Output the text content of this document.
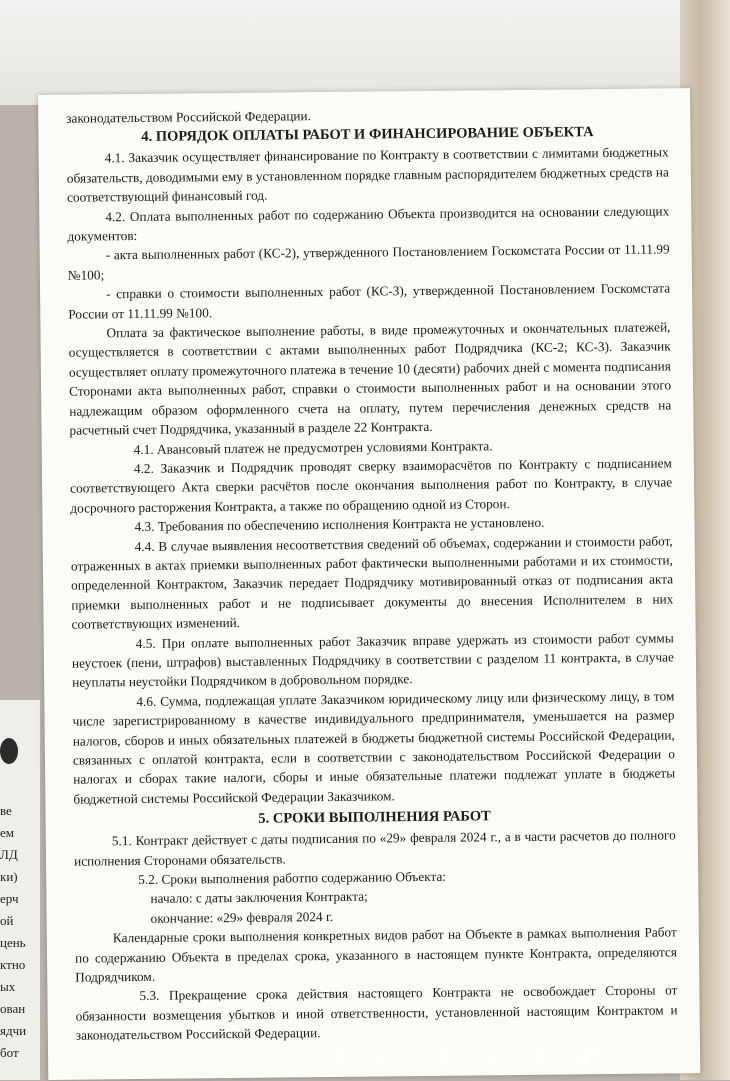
ве
ем
ЛД
ки)
ерч
ой
цень
ктно
ых
ован
ядчи
бот

законодательством Российской Федерации.

4. ПОРЯДОК ОПЛАТЫ РАБОТ И ФИНАНСИРОВАНИЕ ОБЪЕКТА

4.1. Заказчик осуществляет финансирование по Контракту в соответствии с лимитами бюджетных обязательств, доводимыми ему в установленном порядке главным распорядителем бюджетных средств на соответствующий финансовый год.

4.2. Оплата выполненных работ по содержанию Объекта производится на основании следующих документов:

- акта выполненных работ (КС-2), утвержденного Постановлением Госкомстата России от 11.11.99 №100;

- справки о стоимости выполненных работ (КС-3), утвержденной Постановлением Госкомстата России от 11.11.99 №100.

Оплата за фактическое выполнение работы, в виде промежуточных и окончательных платежей, осуществляется в соответствии с актами выполненных работ Подрядчика (КС-2; КС-3). Заказчик осуществляет оплату промежуточного платежа в течение 10 (десяти) рабочих дней с момента подписания Сторонами акта выполненных работ, справки о стоимости выполненных работ и на основании этого надлежащим образом оформленного счета на оплату, путем перечисления денежных средств на расчетный счет Подрядчика, указанный в разделе 22 Контракта.

4.1. Авансовый платеж не предусмотрен условиями Контракта.

4.2. Заказчик и Подрядчик проводят сверку взаиморасчётов по Контракту с подписанием соответствующего Акта сверки расчётов после окончания выполнения работ по Контракту, в случае досрочного расторжения Контракта, а также по обращению одной из Сторон.

4.3. Требования по обеспечению исполнения Контракта не установлено.

4.4. В случае выявления несоответствия сведений об объемах, содержании и стоимости работ, отраженных в актах приемки выполненных работ фактически выполненными работами и их стоимости, определенной Контрактом, Заказчик передает Подрядчику мотивированный отказ от подписания акта приемки выполненных работ и не подписывает документы до внесения Исполнителем в них соответствующих изменений.

4.5. При оплате выполненных работ Заказчик вправе удержать из стоимости работ суммы неустоек (пени, штрафов) выставленных Подрядчику в соответствии с разделом 11 контракта, в случае неуплаты неустойки Подрядчиком в добровольном порядке.

4.6. Сумма, подлежащая уплате Заказчиком юридическому лицу или физическому лицу, в том числе зарегистрированному в качестве индивидуального предпринимателя, уменьшается на размер налогов, сборов и иных обязательных платежей в бюджеты бюджетной системы Российской Федерации, связанных с оплатой контракта, если в соответствии с законодательством Российской Федерации о налогах и сборах такие налоги, сборы и иные обязательные платежи подлежат уплате в бюджеты бюджетной системы Российской Федерации Заказчиком.

5. СРОКИ ВЫПОЛНЕНИЯ РАБОТ

5.1. Контракт действует с даты подписания по «29» февраля 2024 г., а в части расчетов до полного исполнения Сторонами обязательств.

5.2. Сроки выполнения работпо содержанию Объекта:

начало: с даты заключения Контракта;

окончание: «29» февраля 2024 г.

Календарные сроки выполнения конкретных видов работ на Объекте в рамках выполнения Работ по содержанию Объекта в пределах срока, указанного в настоящем пункте Контракта, определяются Подрядчиком.

5.3. Прекращение срока действия настоящего Контракта не освобождает Стороны от обязанности возмещения убытков и иной ответственности, установленной настоящим Контрактом и законодательством Российской Федерации.

KERCH.FM
